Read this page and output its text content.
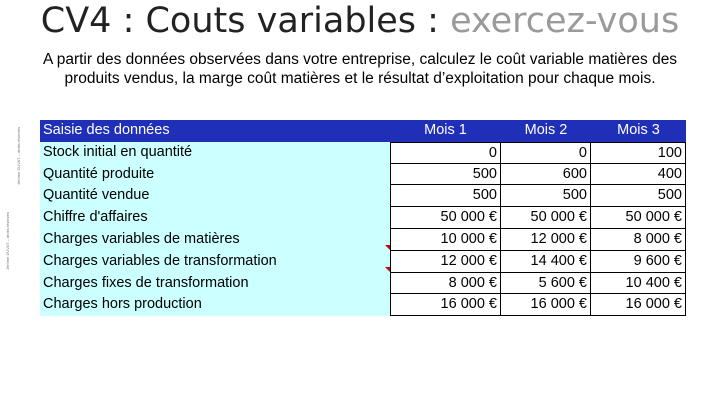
CV4 : Couts variables : exercez-vous
A partir des données observées dans votre entreprise, calculez le coût variable matières des produits vendus, la marge coût matières et le résultat d’exploitation pour chaque mois.
Jérôme DUVAT – droits réservés
Jérôme DUVAT – droits réservés Saisie des données	Mois 1	Mois 2	Mois 3
Stock initial en quantité	0	0	100
Quantité produite	500	600	400
Quantité vendue	500	500	500
Chiffre d'affaires	50 000 €	50 000 €	50 000 €
Charges variables de matières	10 000 €	12 000 €	8 000 €
Charges variables de transformation	12 000 €	14 400 €	9 600 €
Charges fixes de transformation	8 000 €	5 600 €	10 400 €
Charges hors production	16 000 €	16 000 €	16 000 €
